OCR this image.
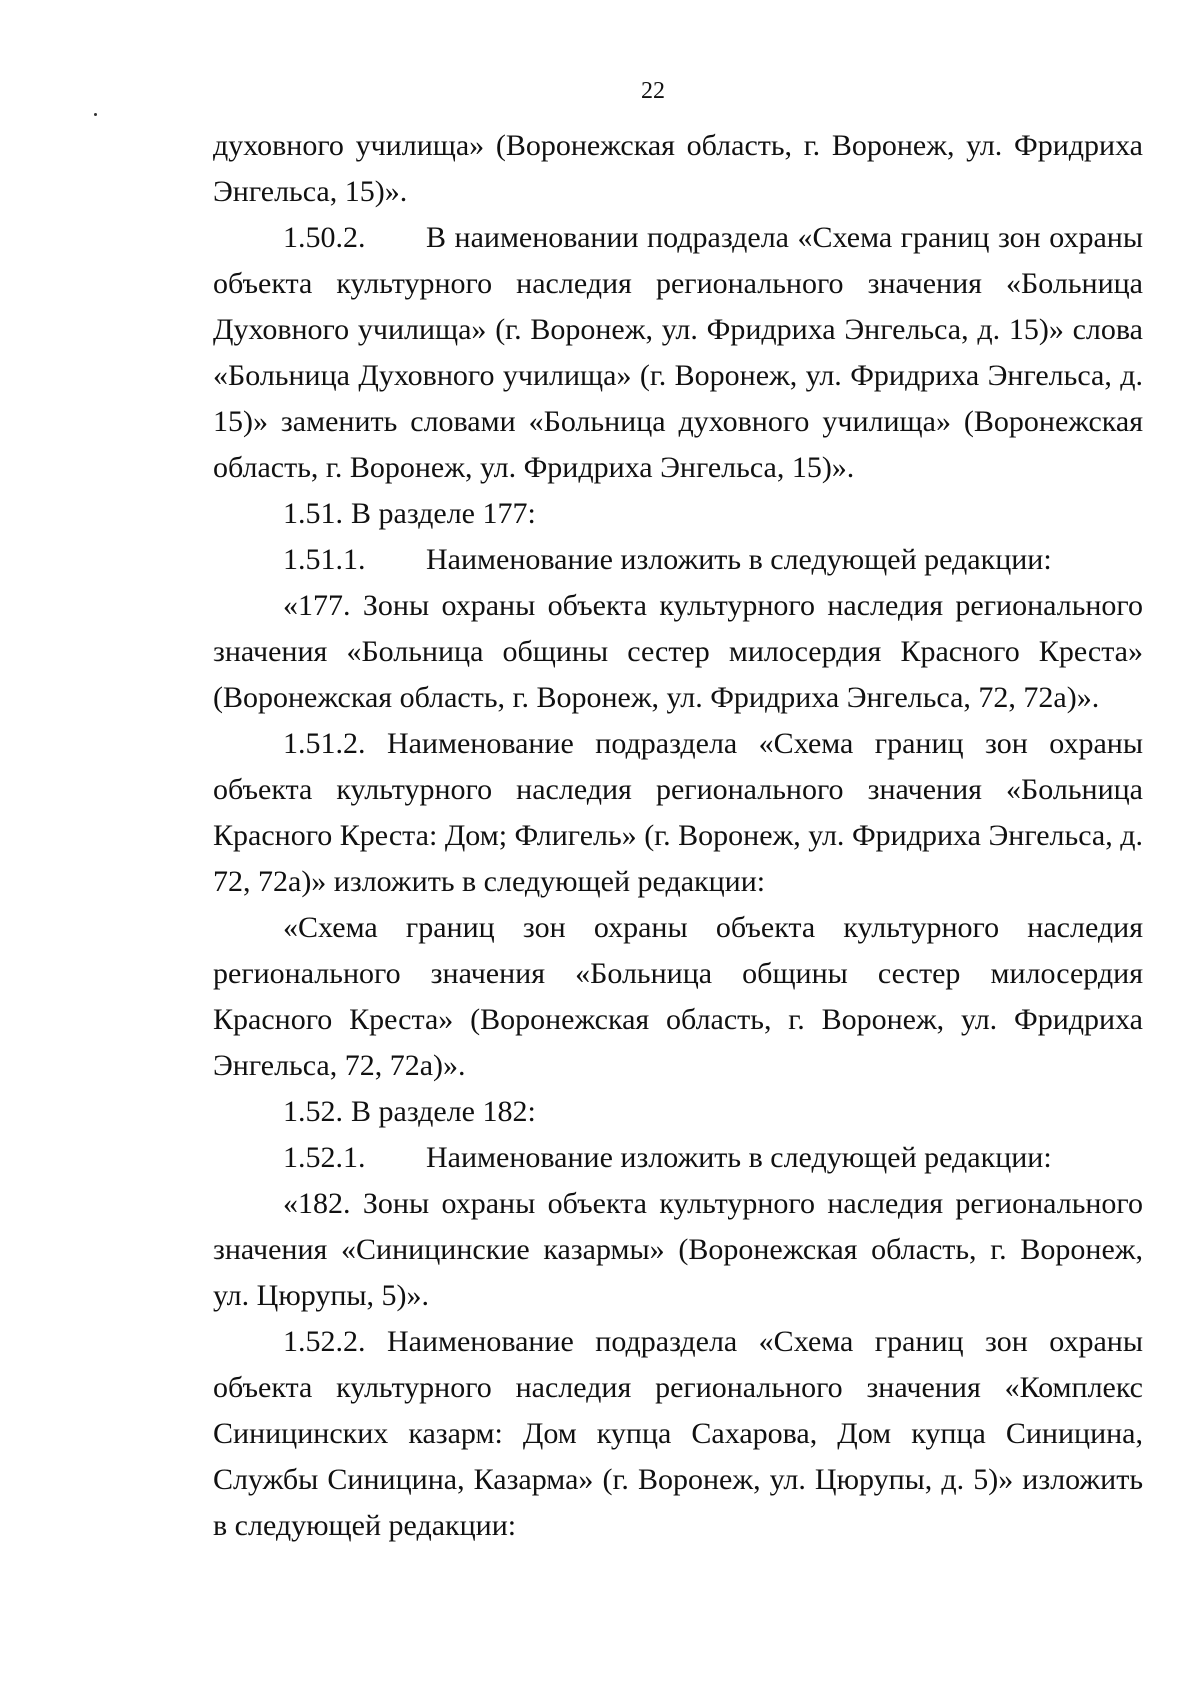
22

духовного училища» (Воронежская область, г. Воронеж, ул. Фридриха Энгельса, 15)».

1.50.2. В наименовании подраздела «Схема границ зон охраны объекта культурного наследия регионального значения «Больница Духовного училища» (г. Воронеж, ул. Фридриха Энгельса, д. 15)» слова «Больница Духовного училища» (г. Воронеж, ул. Фридриха Энгельса, д. 15)» заменить словами «Больница духовного училища» (Воронежская область, г. Воронеж, ул. Фридриха Энгельса, 15)».

1.51. В разделе 177:

1.51.1. Наименование изложить в следующей редакции:

«177. Зоны охраны объекта культурного наследия регионального значения «Больница общины сестер милосердия Красного Креста» (Воронежская область, г. Воронеж, ул. Фридриха Энгельса, 72, 72а)».

1.51.2. Наименование подраздела «Схема границ зон охраны объекта культурного наследия регионального значения «Больница Красного Креста: Дом; Флигель» (г. Воронеж, ул. Фридриха Энгельса, д. 72, 72а)» изложить в следующей редакции:

«Схема границ зон охраны объекта культурного наследия регионального значения «Больница общины сестер милосердия Красного Креста» (Воронежская область, г. Воронеж, ул. Фридриха Энгельса, 72, 72а)».

1.52. В разделе 182:

1.52.1. Наименование изложить в следующей редакции:

«182. Зоны охраны объекта культурного наследия регионального значения «Синицинские казармы» (Воронежская область, г. Воронеж, ул. Цюрупы, 5)».

1.52.2. Наименование подраздела «Схема границ зон охраны объекта культурного наследия регионального значения «Комплекс Синицинских казарм: Дом купца Сахарова, Дом купца Синицина, Службы Синицина, Казарма» (г. Воронеж, ул. Цюрупы, д. 5)» изложить в следующей редакции:
